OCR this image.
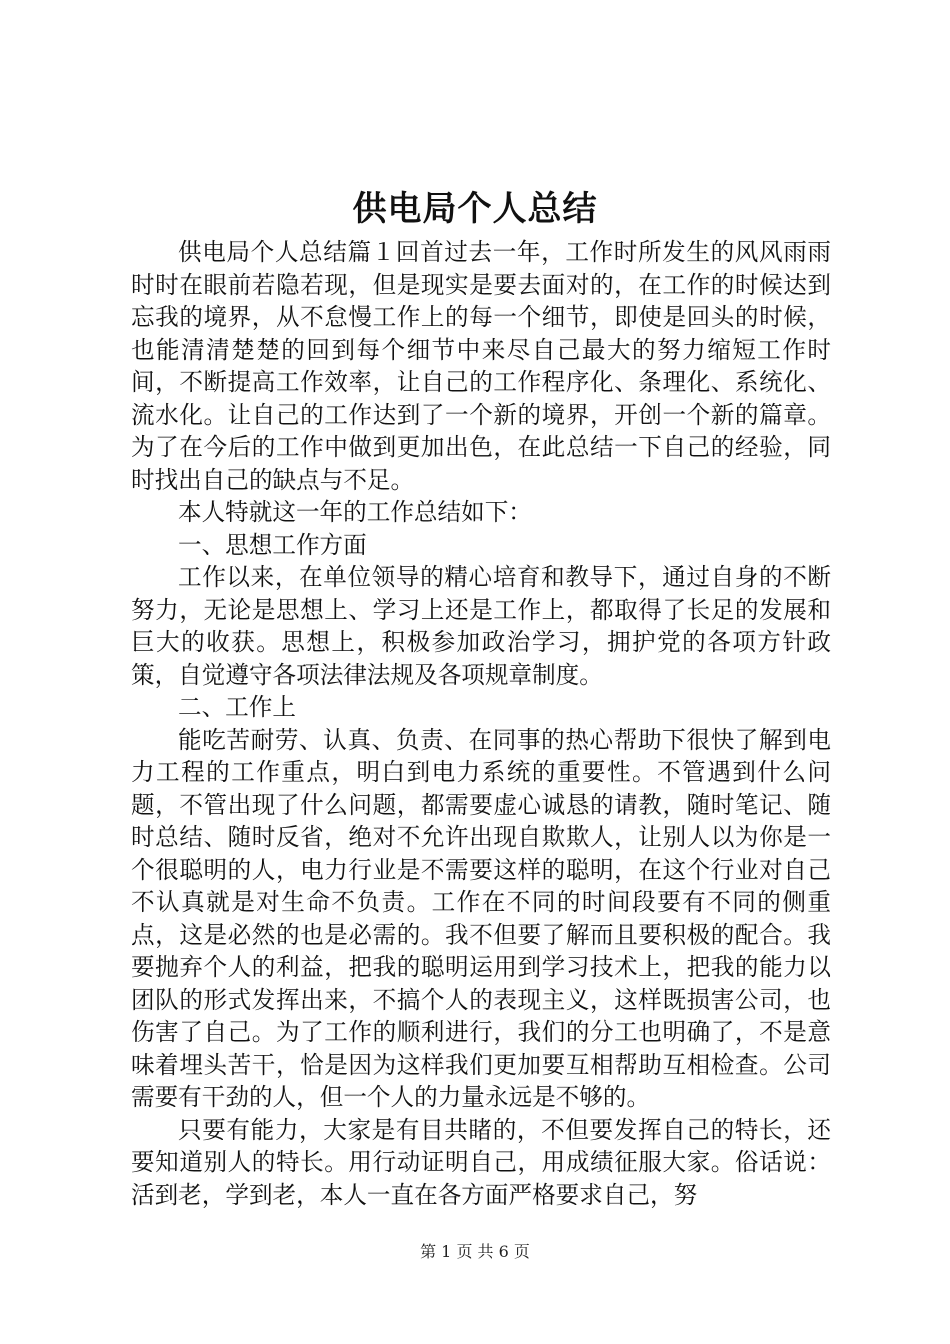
供电局个人总结

供电局个人总结篇１回首过去一年，工作时所发生的风风雨雨时时在眼前若隐若现，但是现实是要去面对的，在工作的时候达到忘我的境界，从不怠慢工作上的每一个细节，即使是回头的时候，也能清清楚楚的回到每个细节中来尽自己最大的努力缩短工作时间，不断提高工作效率，让自己的工作程序化、条理化、系统化、流水化。让自己的工作达到了一个新的境界，开创一个新的篇章。为了在今后的工作中做到更加出色，在此总结一下自己的经验，同时找出自己的缺点与不足。

本人特就这一年的工作总结如下：

一、思想工作方面

工作以来，在单位领导的精心培育和教导下，通过自身的不断努力，无论是思想上、学习上还是工作上，都取得了长足的发展和巨大的收获。思想上，积极参加政治学习，拥护党的各项方针政策，自觉遵守各项法律法规及各项规章制度。

二、工作上

能吃苦耐劳、认真、负责、在同事的热心帮助下很快了解到电力工程的工作重点，明白到电力系统的重要性。不管遇到什么问题，不管出现了什么问题，都需要虚心诚恳的请教，随时笔记、随时总结、随时反省，绝对不允许出现自欺欺人，让别人以为你是一个很聪明的人，电力行业是不需要这样的聪明，在这个行业对自己不认真就是对生命不负责。工作在不同的时间段要有不同的侧重点，这是必然的也是必需的。我不但要了解而且要积极的配合。我要抛弃个人的利益，把我的聪明运用到学习技术上，把我的能力以团队的形式发挥出来，不搞个人的表现主义，这样既损害公司，也伤害了自己。为了工作的顺利进行，我们的分工也明确了，不是意味着埋头苦干，恰是因为这样我们更加要互相帮助互相检查。公司需要有干劲的人，但一个人的力量永远是不够的。

只要有能力，大家是有目共睹的，不但要发挥自己的特长，还要知道别人的特长。用行动证明自己，用成绩征服大家。俗话说：活到老，学到老，本人一直在各方面严格要求自己，努

第 1 页 共 6 页
